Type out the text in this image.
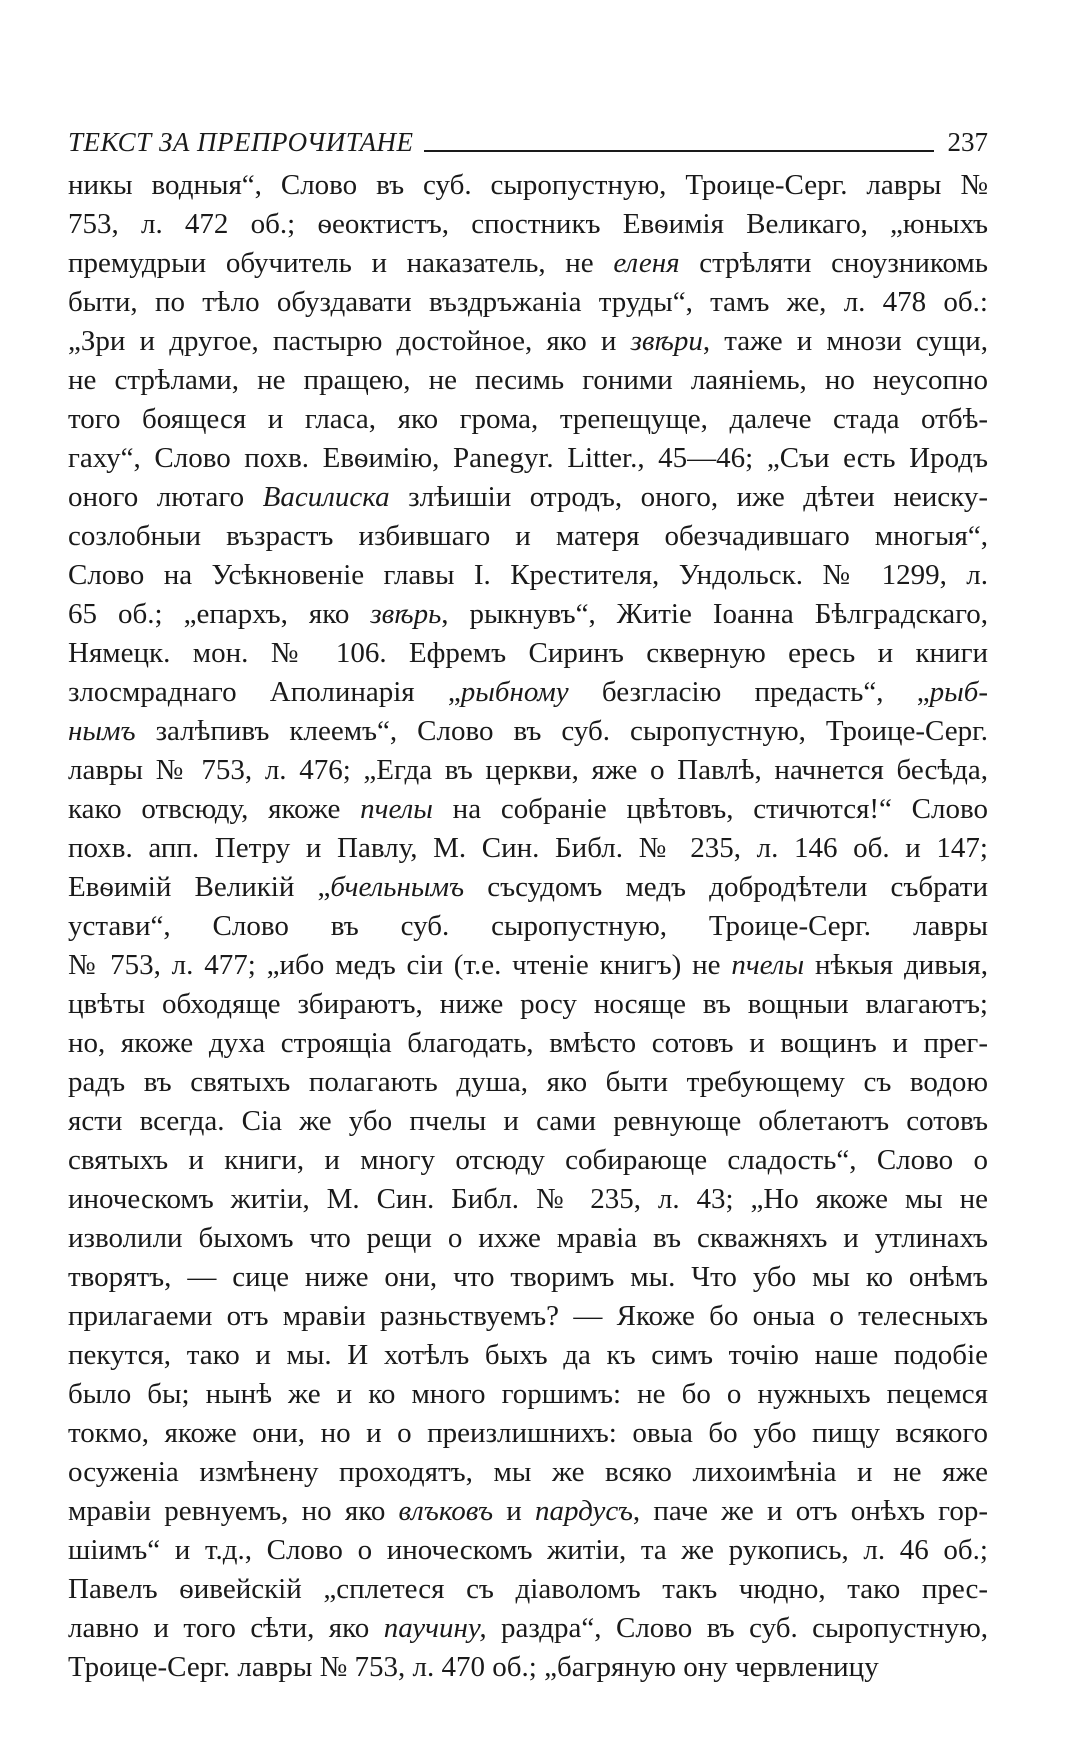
ТЕКСТ ЗА ПРЕПРОЧИТАНЕ	237
никы водныя“, Слово въ суб. сыропустную, Троице-Серг. лавры №
753, л. 472 об.; ѳеоктистъ, спостникъ Евѳимія Великаго, „юныхъ
премудрыи обучитель и наказатель, не еленя стрѣляти сноузникомь
быти, по тѣло обуздавати въздръжаніа труды“, тамъ же, л. 478 об.:
„Зри и другое, пастырю достойное, яко и звѣри, таже и мнози сущи,
не стрѣлами, не пращею, не песимь гоними лаяніемь, но неусопно
того боящеся и гласа, яко грома, трепещуще, далече стада отбѣ-
гаху“, Слово похв. Евѳимію, Panegyr. Litter., 45—46; „Съи есть Иродъ
оного лютаго Василиска злѣишіи отродъ, оного, иже дѣтеи неиску-
созлобныи възрастъ избившаго и матеря обезчадившаго многыя“,
Слово на Усѣкновеніе главы І. Крестителя, Ундольск. № 1299, л.
65 об.; „епархъ, яко звѣрь, рыкнувъ“, Житіе Іоанна Бѣлградскаго,
Нямецк. мон. № 106. Ефремъ Сиринъ скверную ересь и книги
злосмраднаго Аполинарія „рыбному безгласію предасть“, „рыб-
нымъ залѣпивъ клеемъ“, Слово въ суб. сыропустную, Троице-Серг.
лавры № 753, л. 476; „Егда въ церкви, яже о Павлѣ, начнется бесѣда,
како отвсюду, якоже пчелы на собраніе цвѣтовъ, стичются!“ Слово
похв. апп. Петру и Павлу, М. Син. Библ. № 235, л. 146 об. и 147;
Евѳимій Великій „бчельнымъ съсудомъ медъ добродѣтели събрати
устави“, Слово въ суб. сыропустную, Троице-Серг. лавры
№ 753, л. 477; „ибо медъ сіи (т.е. чтеніе книгъ) не пчелы нѣкыя дивыя,
цвѣты обходяще збираютъ, ниже росу носяще въ вощныи влагаютъ;
но, якоже духа строящіа благодать, вмѣсто сотовъ и вощинъ и прег-
радъ въ святыхъ полагають душа, яко быти требующему съ водою
ясти всегда. Сіа же убо пчелы и сами ревнующе облетаютъ сотовъ
святыхъ и книги, и многу отсюду собирающе сладость“, Слово о
иноческомъ житіи, М. Син. Библ. № 235, л. 43; „Но якоже мы не
изволили быхомъ что рещи о ихже мравіа въ скважняхъ и утлинахъ
творятъ, — сице ниже они, что творимъ мы. Что убо мы ко онѣмъ
прилагаеми отъ мравіи разньствуемъ? — Якоже бо оныа о телесныхъ
пекутся, тако и мы. И хотѣлъ быхъ да къ симъ точію наше подобіе
было бы; нынѣ же и ко много горшимъ: не бо о нужныхъ пецемся
токмо, якоже они, но и о преизлишнихъ: овыа бо убо пищу всякого
осуженіа измѣнену проходятъ, мы же всяко лихоимѣніа и не яже
мравіи ревнуемъ, но яко влъковъ и пардусъ, паче же и отъ онѣхъ гор-
шіимъ“ и т.д., Слово о иноческомъ житіи, та же рукопись, л. 46 об.;
Павелъ ѳивейскій „сплетеся съ діаволомъ такъ чюдно, тако прес-
лавно и того сѣти, яко паучину, раздра“, Слово въ суб. сыропустную,
Троице-Серг. лавры № 753, л. 470 об.; „багряную ону червленицу
